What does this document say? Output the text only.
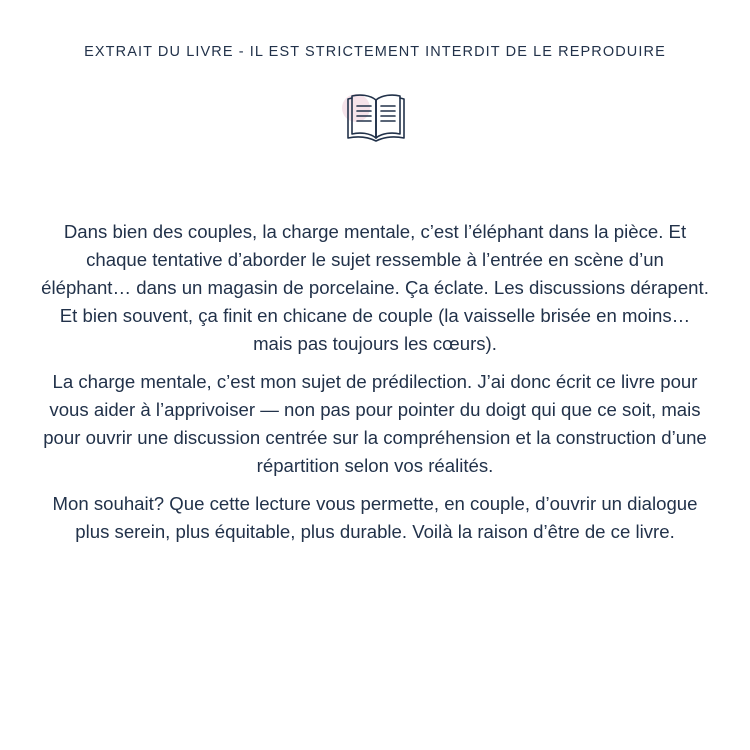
EXTRAIT DU LIVRE - IL EST STRICTEMENT INTERDIT DE LE REPRODUIRE

Dans bien des couples, la charge mentale, c’est l’éléphant dans la pièce. Et chaque tentative d’aborder le sujet ressemble à l’entrée en scène d’un éléphant… dans un magasin de porcelaine. Ça éclate. Les discussions dérapent. Et bien souvent, ça finit en chicane de couple (la vaisselle brisée en moins… mais pas toujours les cœurs).

La charge mentale, c’est mon sujet de prédilection. J’ai donc écrit ce livre pour vous aider à l’apprivoiser — non pas pour pointer du doigt qui que ce soit, mais pour ouvrir une discussion centrée sur la compréhension et la construction d’une répartition selon vos réalités.

Mon souhait? Que cette lecture vous permette, en couple, d’ouvrir un dialogue plus serein, plus équitable, plus durable. Voilà la raison d’être de ce livre.
